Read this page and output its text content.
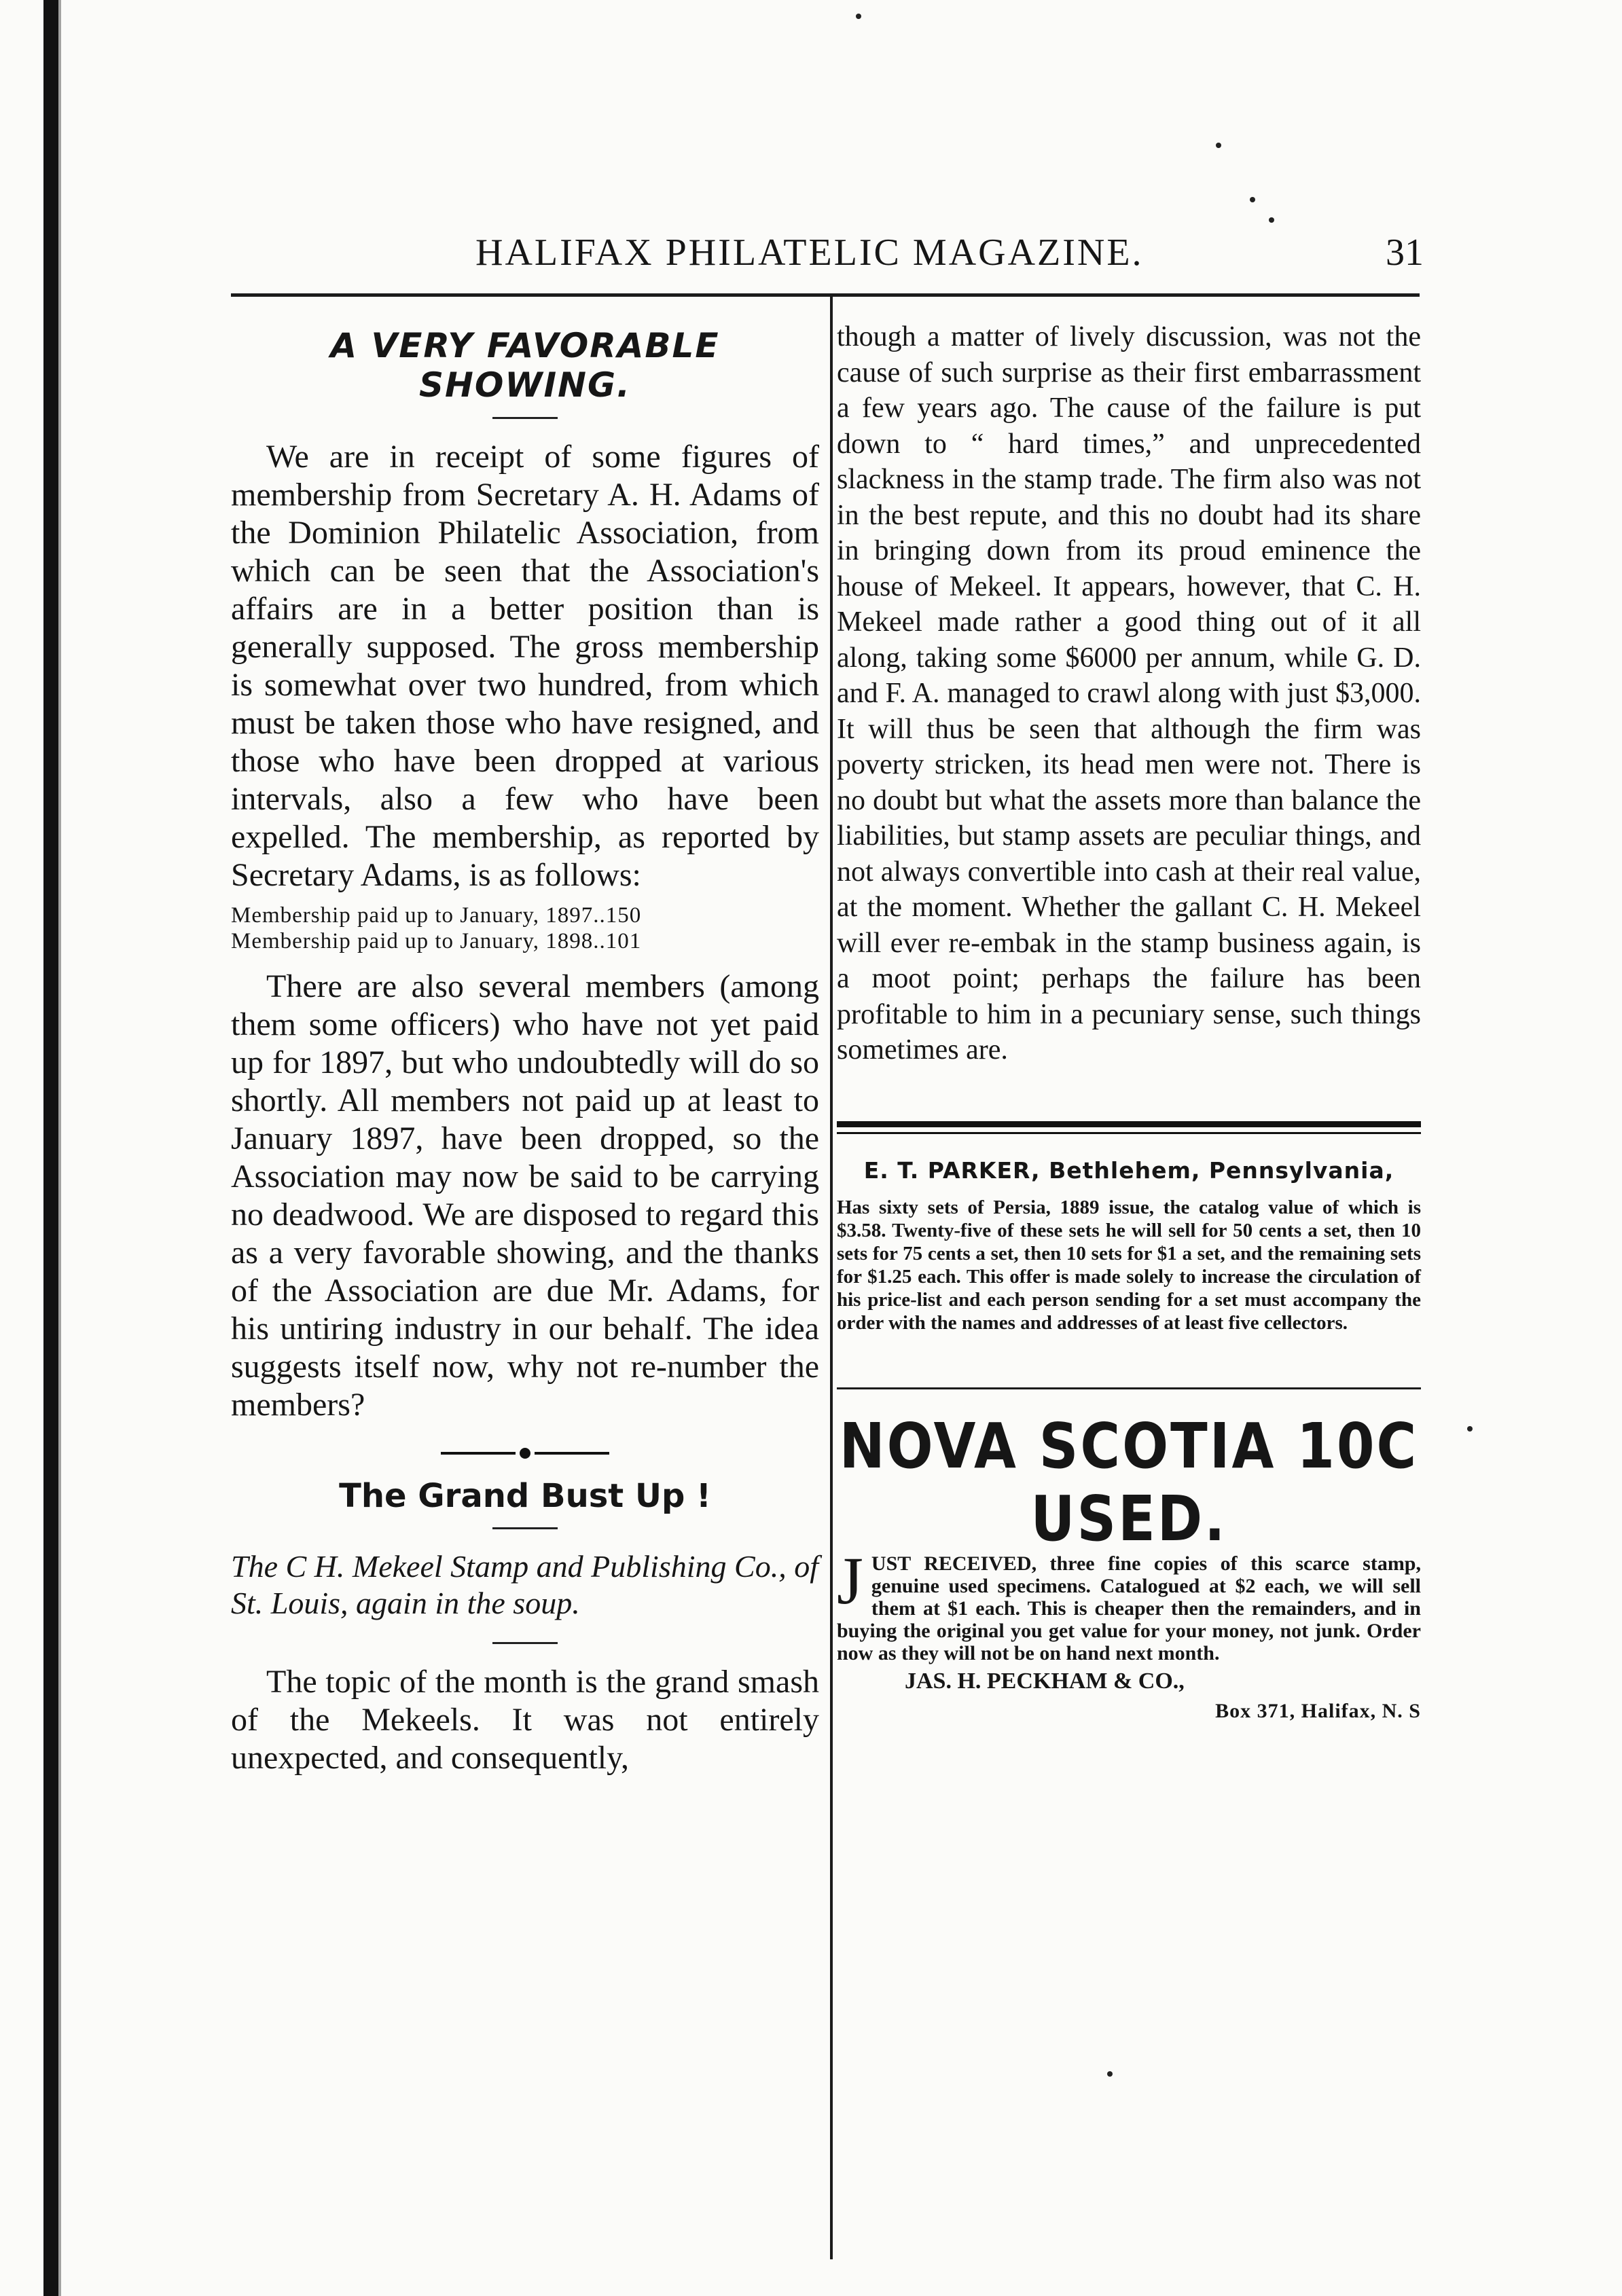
HALIFAX PHILATELIC MAGAZINE.	31
A VERY FAVORABLE SHOWING.

We are in receipt of some figures of membership from Secretary A. H. Adams of the Dominion Philatelic Association, from which can be seen that the Association's affairs are in a better position than is generally supposed. The gross membership is somewhat over two hundred, from which must be taken those who have resigned, and those who have been dropped at various intervals, also a few who have been expelled. The membership, as reported by Secretary Adams, is as follows:

Membership paid up to January, 1897..150
Membership paid up to January, 1898..101

There are also several members (among them some officers) who have not yet paid up for 1897, but who undoubtedly will do so shortly. All members not paid up at least to January 1897, have been dropped, so the Association may now be said to be carrying no deadwood. We are disposed to regard this as a very favorable showing, and the thanks of the Association are due Mr. Adams, for his untiring industry in our behalf. The idea suggests itself now, why not re-number the members?

The Grand Bust Up !

The C H. Mekeel Stamp and Publishing Co., of St. Louis, again in the soup.

The topic of the month is the grand smash of the Mekeels. It was not entirely unexpected, and consequently,

though a matter of lively discussion, was not the cause of such surprise as their first embarrassment a few years ago. The cause of the failure is put down to “ hard times,” and unprecedented slackness in the stamp trade. The firm also was not in the best repute, and this no doubt had its share in bringing down from its proud eminence the house of Mekeel. It appears, however, that C. H. Mekeel made rather a good thing out of it all along, taking some $6000 per annum, while G. D. and F. A. managed to crawl along with just $3,000. It will thus be seen that although the firm was poverty stricken, its head men were not. There is no doubt but what the assets more than balance the liabilities, but stamp assets are peculiar things, and not always convertible into cash at their real value, at the moment. Whether the gallant C. H. Mekeel will ever re-embak in the stamp business again, is a moot point; perhaps the failure has been profitable to him in a pecuniary sense, such things sometimes are.

E. T. PARKER, Bethlehem, Pennsylvania,

Has sixty sets of Persia, 1889 issue, the catalog value of which is $3.58. Twenty-five of these sets he will sell for 50 cents a set, then 10 sets for 75 cents a set, then 10 sets for $1 a set, and the remaining sets for $1.25 each. This offer is made solely to increase the circulation of his price-list and each person sending for a set must accompany the order with the names and addresses of at least five cellectors.

NOVA SCOTIA 10C USED.

JUST RECEIVED, three fine copies of this scarce stamp, genuine used specimens. Catalogued at $2 each, we will sell them at $1 each. This is cheaper then the remainders, and in buying the original you get value for your money, not junk. Order now as they will not be on hand next month.

JAS. H. PECKHAM & CO.,
Box 371, Halifax, N. S
